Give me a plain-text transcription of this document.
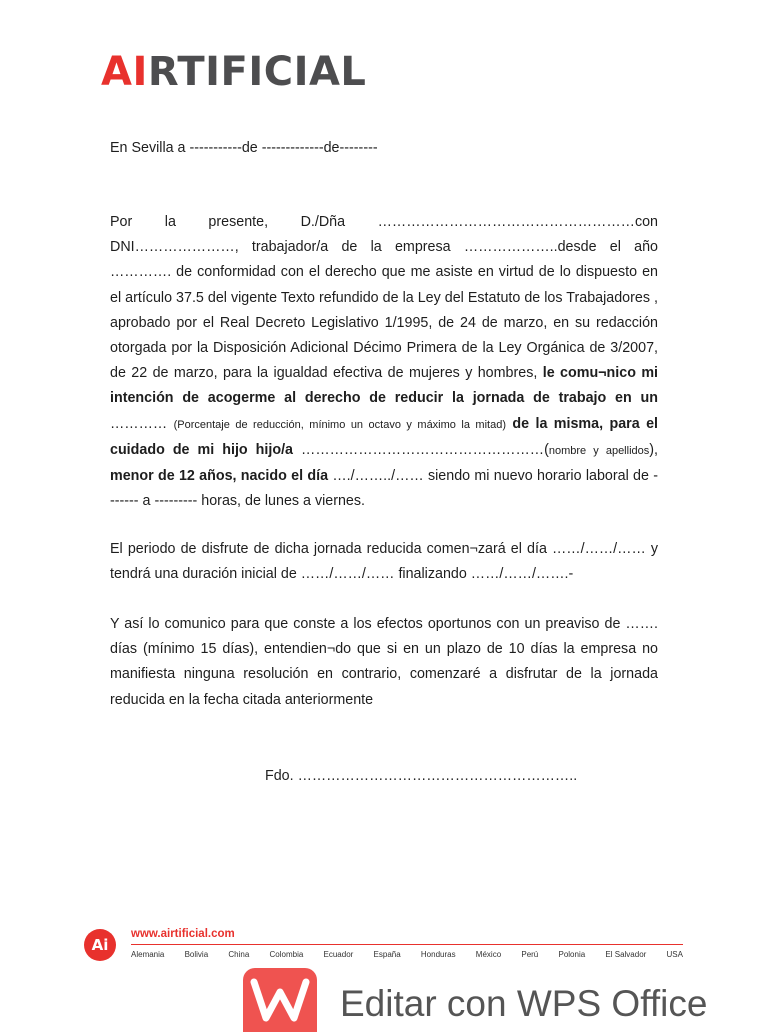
AIRTIFICIAL
En Sevilla a -----------de -------------de--------
Por la presente, D./Dña ………………………………………………con DNI…………………, trabajador/a de la empresa ………………..desde el año …………. de conformidad con el derecho que me asiste en virtud de lo dispuesto en el artículo 37.5 del vigente Texto refundido de la Ley del Estatuto de los Trabajadores , aprobado por el Real Decreto Legislativo 1/1995, de 24 de marzo, en su redacción otorgada por la Disposición Adicional Décimo Primera de la Ley Orgánica de 3/2007, de 22 de marzo, para la igualdad efectiva de mujeres y hombres, le comu¬nico mi intención de acogerme al derecho de reducir la jornada de trabajo en un ………… (Porcentaje de reducción, mínimo un octavo y máximo la mitad) de la misma, para el cuidado de mi hijo hijo/a ……………………………………………(nombre y apellidos), menor de 12 años, nacido el día …./……../…… siendo mi nuevo horario laboral de ------- a --------- horas, de lunes a viernes.
El periodo de disfrute de dicha jornada reducida comen¬zará el día ……/……/…… y tendrá una duración inicial de ……/……/…… finalizando ……/……/…….-
Y así lo comunico para que conste a los efectos oportunos con un preaviso de ……. días (mínimo 15 días), entendien¬do que si en un plazo de 10 días la empresa no manifiesta ninguna resolución en contrario, comenzaré a disfrutar de la jornada reducida en la fecha citada anteriormente
Fdo. …………………………………………………..
Ai
www.airtificial.com
Alemania	Bolivia	China	Colombia	Ecuador	España	Honduras	México	Perú	Polonia	El Salvador	USA
Editar con WPS Office
